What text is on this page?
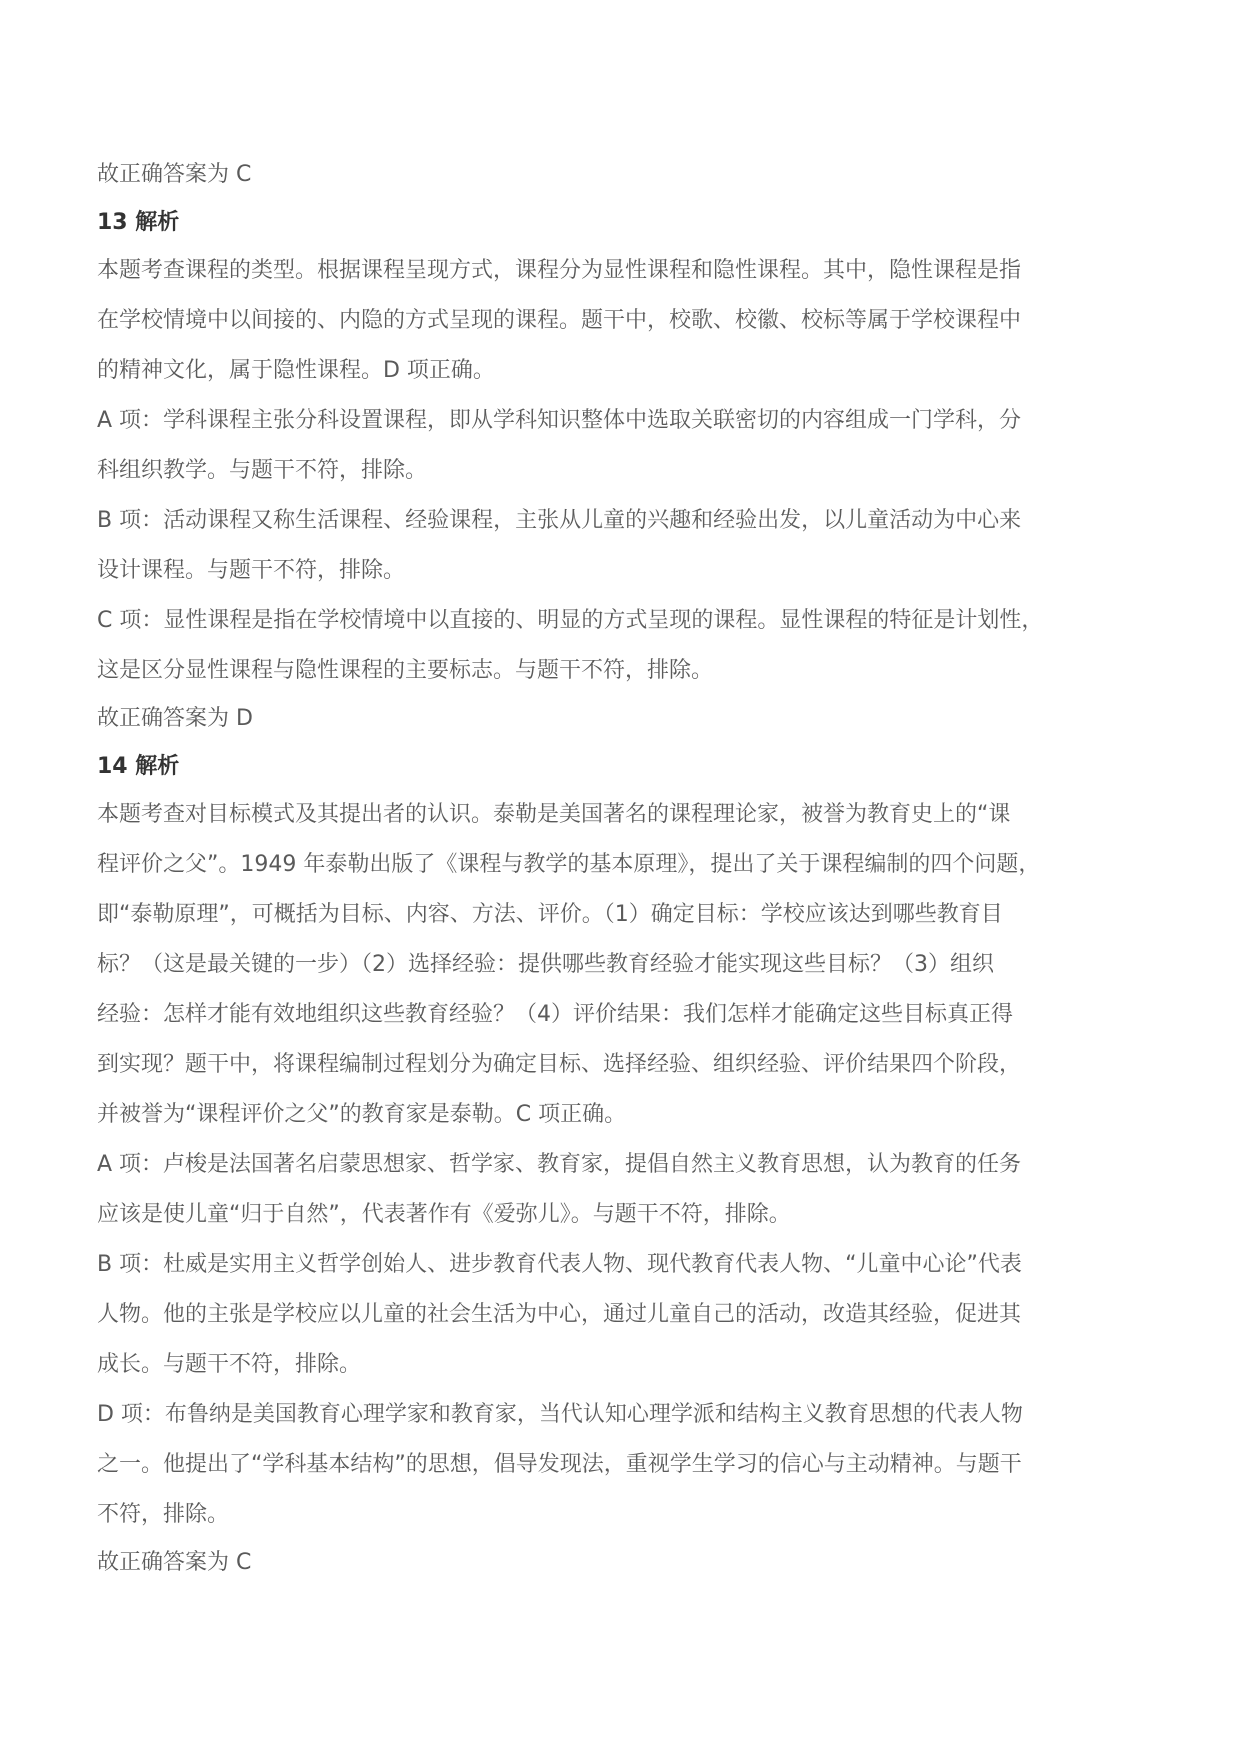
故正确答案为 C

13 解析

本题考查课程的类型。根据课程呈现方式，课程分为显性课程和隐性课程。其中，隐性课程是指
在学校情境中以间接的、内隐的方式呈现的课程。题干中，校歌、校徽、校标等属于学校课程中
的精神文化，属于隐性课程。D 项正确。
A 项：学科课程主张分科设置课程，即从学科知识整体中选取关联密切的内容组成一门学科，分
科组织教学。与题干不符，排除。
B 项：活动课程又称生活课程、经验课程，主张从儿童的兴趣和经验出发，以儿童活动为中心来
设计课程。与题干不符，排除。
C 项：显性课程是指在学校情境中以直接的、明显的方式呈现的课程。显性课程的特征是计划性，
这是区分显性课程与隐性课程的主要标志。与题干不符，排除。

故正确答案为 D

14 解析

本题考查对目标模式及其提出者的认识。泰勒是美国著名的课程理论家，被誉为教育史上的“课
程评价之父”。1949 年泰勒出版了《课程与教学的基本原理》，提出了关于课程编制的四个问题，
即“泰勒原理”，可概括为目标、内容、方法、评价。（1）确定目标：学校应该达到哪些教育目
标？（这是最关键的一步）（2）选择经验：提供哪些教育经验才能实现这些目标？（3）组织
经验：怎样才能有效地组织这些教育经验？（4）评价结果：我们怎样才能确定这些目标真正得
到实现？题干中，将课程编制过程划分为确定目标、选择经验、组织经验、评价结果四个阶段，
并被誉为“课程评价之父”的教育家是泰勒。C 项正确。
A 项：卢梭是法国著名启蒙思想家、哲学家、教育家，提倡自然主义教育思想，认为教育的任务
应该是使儿童“归于自然”，代表著作有《爱弥儿》。与题干不符，排除。
B 项：杜威是实用主义哲学创始人、进步教育代表人物、现代教育代表人物、“儿童中心论”代表
人物。他的主张是学校应以儿童的社会生活为中心，通过儿童自己的活动，改造其经验，促进其
成长。与题干不符，排除。
D 项：布鲁纳是美国教育心理学家和教育家，当代认知心理学派和结构主义教育思想的代表人物
之一。他提出了“学科基本结构”的思想，倡导发现法，重视学生学习的信心与主动精神。与题干
不符，排除。

故正确答案为 C
